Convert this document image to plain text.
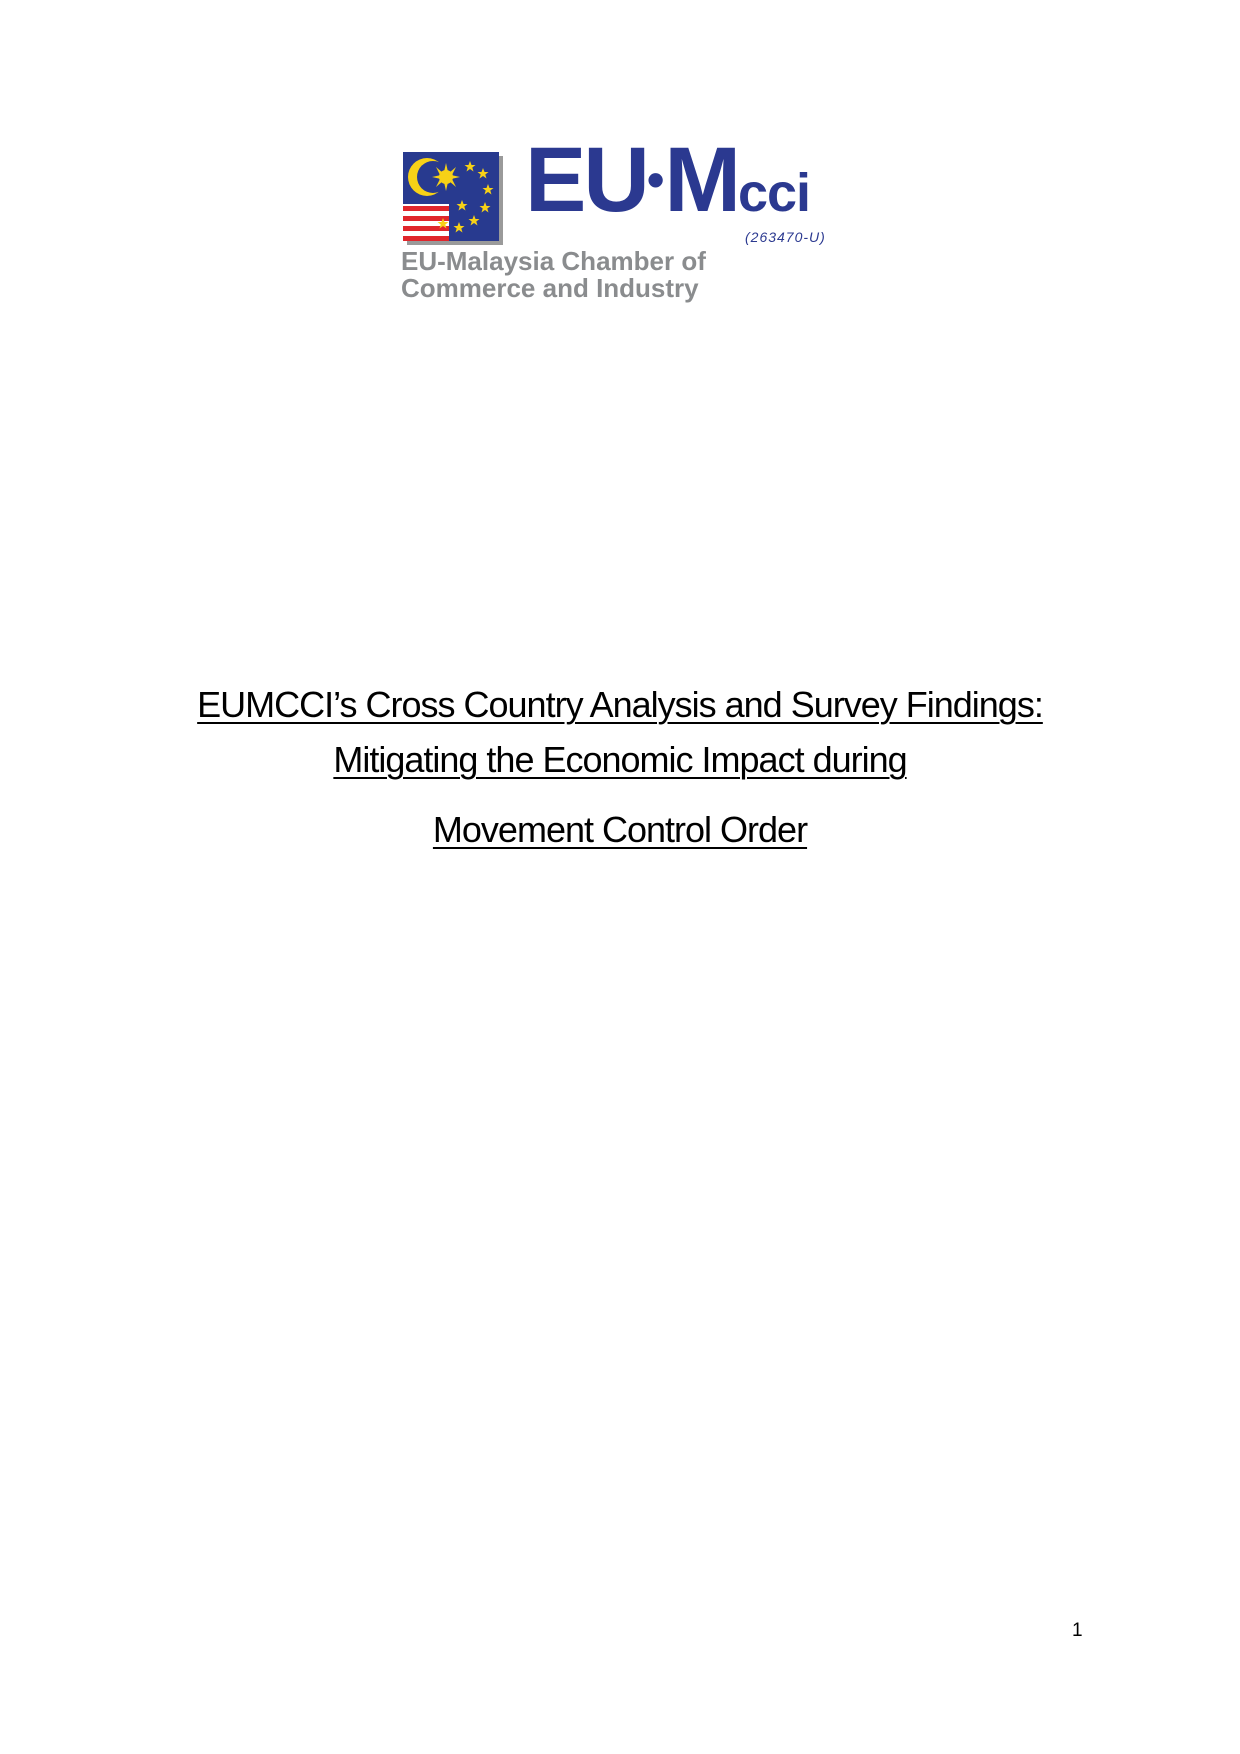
EU•Mcci
(263470-U)
EU-Malaysia Chamber of
Commerce and Industry
EUMCCI’s Cross Country Analysis and Survey Findings:
Mitigating the Economic Impact during
Movement Control Order
1
